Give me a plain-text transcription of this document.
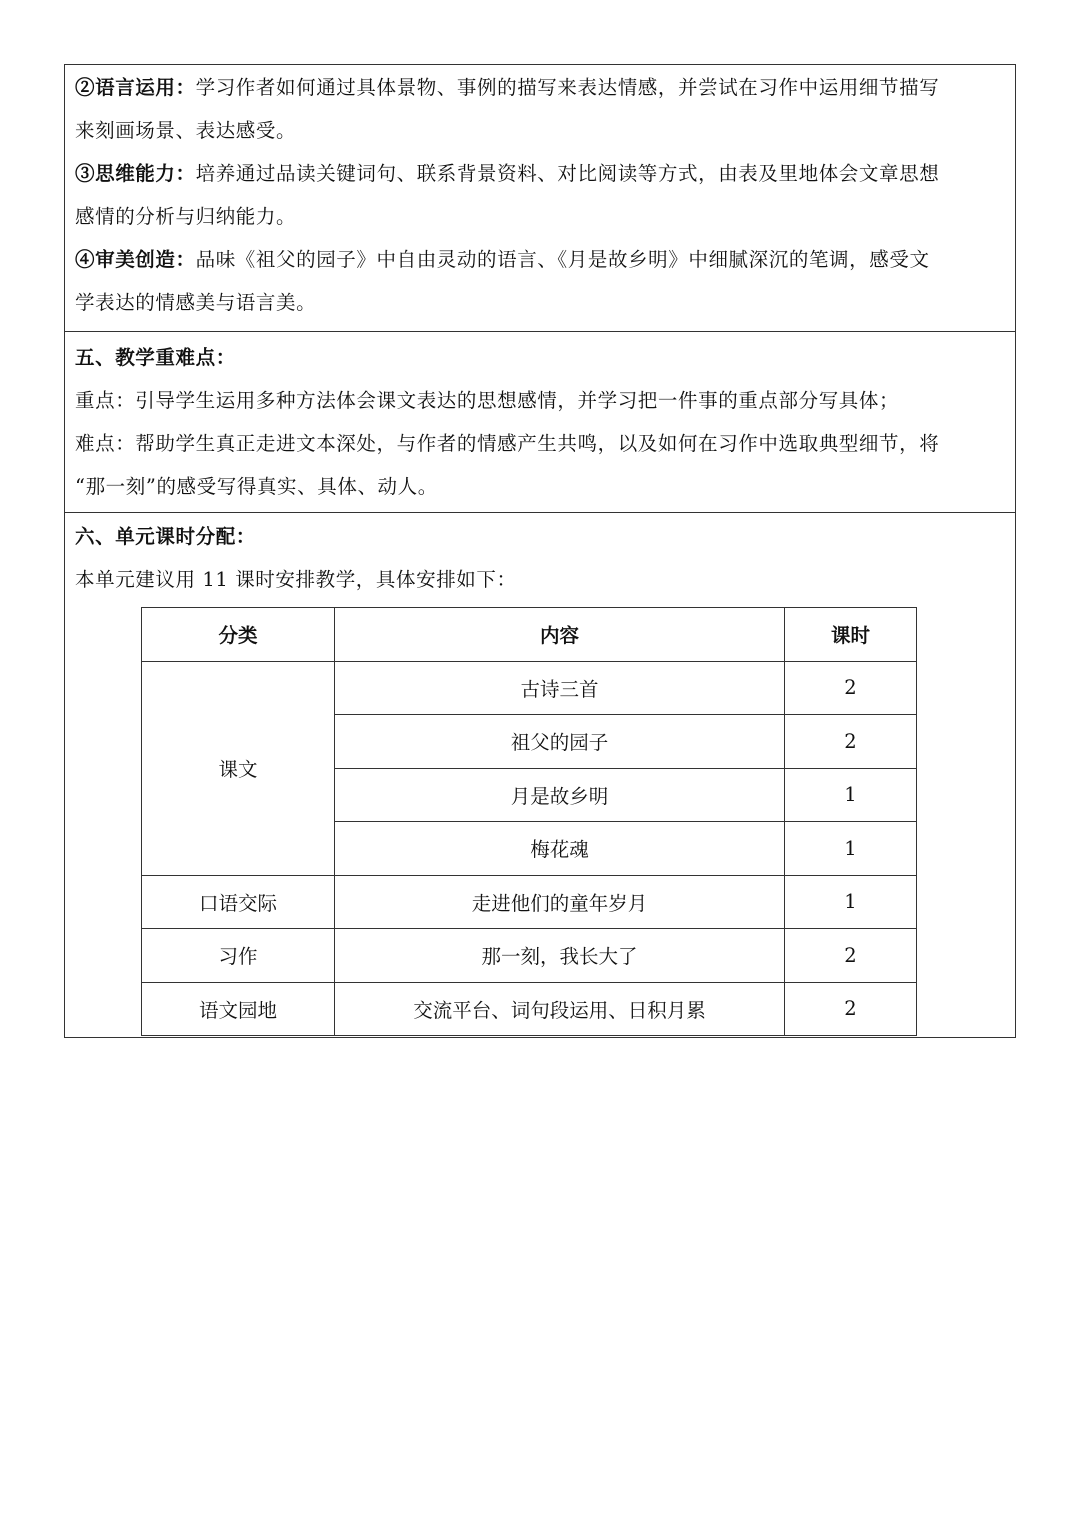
②语言运用：学习作者如何通过具体景物、事例的描写来表达情感，并尝试在习作中运用细节描写

来刻画场景、表达感受。

③思维能力：培养通过品读关键词句、联系背景资料、对比阅读等方式，由表及里地体会文章思想

感情的分析与归纳能力。

④审美创造：品味《祖父的园子》中自由灵动的语言、《月是故乡明》中细腻深沉的笔调，感受文

学表达的情感美与语言美。

五、教学重难点：

重点：引导学生运用多种方法体会课文表达的思想感情，并学习把一件事的重点部分写具体；

难点：帮助学生真正走进文本深处，与作者的情感产生共鸣，以及如何在习作中选取典型细节，将

“那一刻”的感受写得真实、具体、动人。

六、单元课时分配：

本单元建议用 11 课时安排教学，具体安排如下：

分类	内容	课时
课文	古诗三首	2
	祖父的园子	2
	月是故乡明	1
	梅花魂	1
口语交际	走进他们的童年岁月	1
习作	那一刻，我长大了	2
语文园地	交流平台、词句段运用、日积月累	2
